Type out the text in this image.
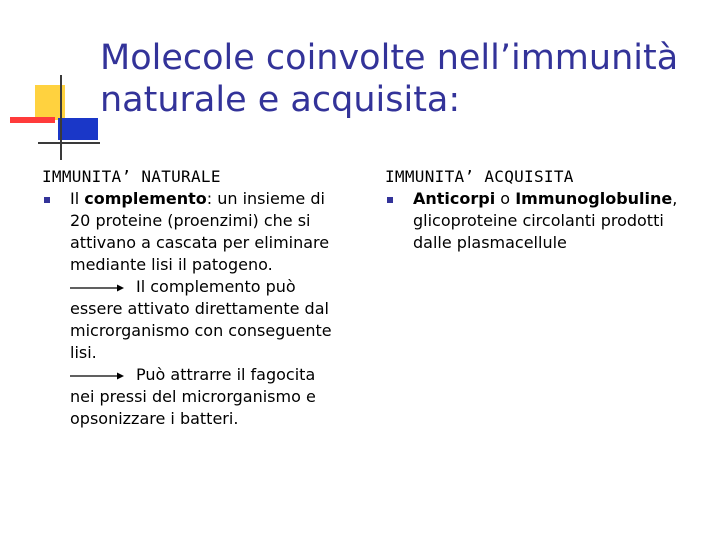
Molecole coinvolte nell’immunità
naturale e acquisita:
IMMUNITA’ NATURALE
Il complemento: un insieme di 20 proteine (proenzimi) che si attivano a cascata per eliminare mediante lisi il patogeno.
Il complemento può essere attivato direttamente dal microrganismo con conseguente lisi.
Può attrarre il fagocita nei pressi del microrganismo e opsonizzare i batteri.
IMMUNITA’ ACQUISITA
Anticorpi o Immunoglobuline, glicoproteine circolanti prodotti dalle plasmacellule
